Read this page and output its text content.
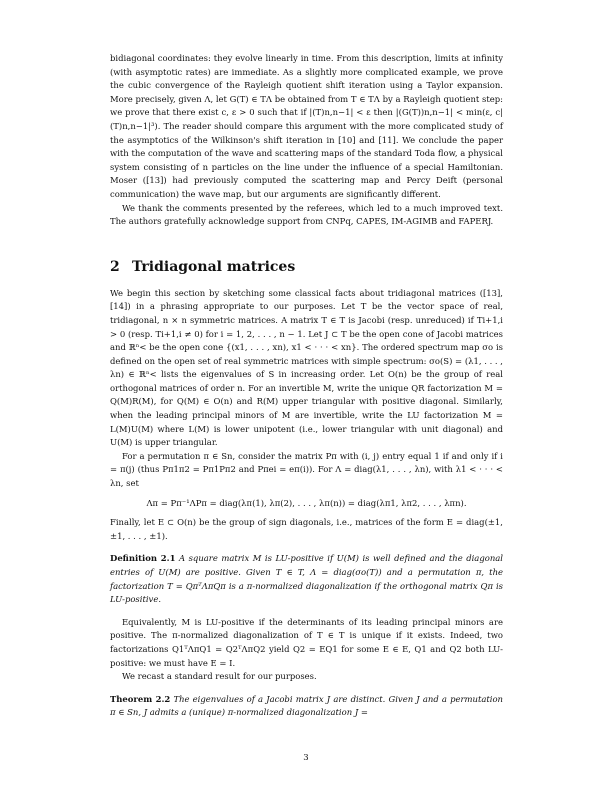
bidiagonal coordinates: they evolve linearly in time. From this description, limits at infinity (with asymptotic rates) are immediate. As a slightly more complicated example, we prove the cubic convergence of the Rayleigh quotient shift iteration using a Taylor expansion. More precisely, given Λ, let G(T) ∈ TΛ be obtained from T ∈ TΛ by a Rayleigh quotient step: we prove that there exist c, ε > 0 such that if |(T)n,n−1| < ε then |(G(T))n,n−1| < min(ε, c|(T)n,n−1|³). The reader should compare this argument with the more complicated study of the asymptotics of the Wilkinson's shift iteration in [10] and [11]. We conclude the paper with the computation of the wave and scattering maps of the standard Toda flow, a physical system consisting of n particles on the line under the influence of a special Hamiltonian. Moser ([13]) had previously computed the scattering map and Percy Deift (personal communication) the wave map, but our arguments are significantly different.

We thank the comments presented by the referees, which led to a much improved text. The authors gratefully acknowledge support from CNPq, CAPES, IM-AGIMB and FAPERJ.

2 Tridiagonal matrices

We begin this section by sketching some classical facts about tridiagonal matrices ([13], [14]) in a phrasing appropriate to our purposes. Let T be the vector space of real, tridiagonal, n × n symmetric matrices. A matrix T ∈ T is Jacobi (resp. unreduced) if Ti+1,i > 0 (resp. Ti+1,i ≠ 0) for i = 1, 2, . . . , n − 1. Let J ⊂ T be the open cone of Jacobi matrices and ℝⁿ< be the open cone {(x1, . . . , xn), x1 < · · · < xn}. The ordered spectrum map σo is defined on the open set of real symmetric matrices with simple spectrum: σo(S) = (λ1, . . . , λn) ∈ ℝⁿ< lists the eigenvalues of S in increasing order. Let O(n) be the group of real orthogonal matrices of order n. For an invertible M, write the unique QR factorization M = Q(M)R(M), for Q(M) ∈ O(n) and R(M) upper triangular with positive diagonal. Similarly, when the leading principal minors of M are invertible, write the LU factorization M = L(M)U(M) where L(M) is lower unipotent (i.e., lower triangular with unit diagonal) and U(M) is upper triangular.

For a permutation π ∈ Sn, consider the matrix Pπ with (i, j) entry equal 1 if and only if i = π(j) (thus Pπ1π2 = Pπ1Pπ2 and Pπei = eπ(i)). For Λ = diag(λ1, . . . , λn), with λ1 < · · · < λn, set

Λπ = Pπ⁻¹ΛPπ = diag(λπ(1), λπ(2), . . . , λπ(n)) = diag(λπ1, λπ2, . . . , λπn).

Finally, let E ⊂ O(n) be the group of sign diagonals, i.e., matrices of the form E = diag(±1, ±1, . . . , ±1).

Definition 2.1 A square matrix M is LU-positive if U(M) is well defined and the diagonal entries of U(M) are positive. Given T ∈ T, Λ = diag(σo(T)) and a permutation π, the factorization T = QπᵀΛπQπ is a π-normalized diagonalization if the orthogonal matrix Qπ is LU-positive.

Equivalently, M is LU-positive if the determinants of its leading principal minors are positive. The π-normalized diagonalization of T ∈ T is unique if it exists. Indeed, two factorizations Q1ᵀΛπQ1 = Q2ᵀΛπQ2 yield Q2 = EQ1 for some E ∈ E, Q1 and Q2 both LU-positive: we must have E = I.

We recast a standard result for our purposes.

Theorem 2.2 The eigenvalues of a Jacobi matrix J are distinct. Given J and a permutation π ∈ Sn, J admits a (unique) π-normalized diagonalization J =

3
